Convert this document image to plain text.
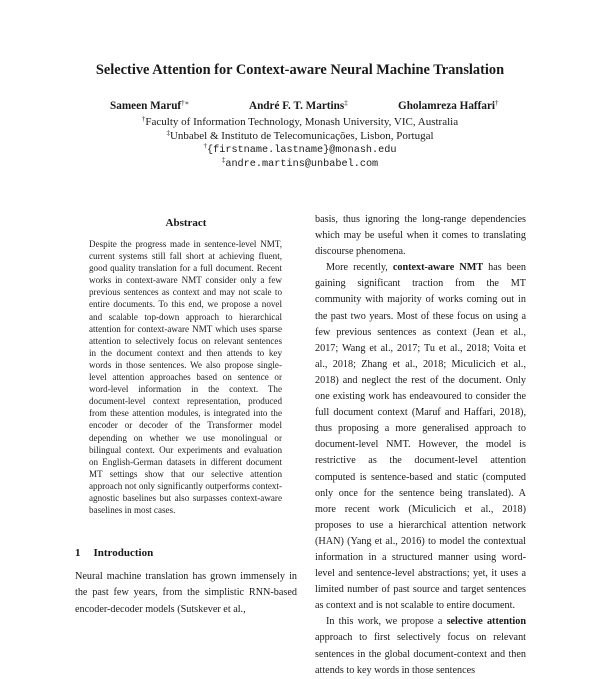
Selective Attention for Context-aware Neural Machine Translation
Sameen Maruf†∗	André F. T. Martins‡	Gholamreza Haffari†
†Faculty of Information Technology, Monash University, VIC, Australia
‡Unbabel & Instituto de Telecomunicações, Lisbon, Portugal
†{firstname.lastname}@monash.edu
‡andre.martins@unbabel.com
Abstract
Despite the progress made in sentence-level NMT, current systems still fall short at achieving fluent, good quality translation for a full document. Recent works in context-aware NMT consider only a few previous sentences as context and may not scale to entire documents. To this end, we propose a novel and scalable top-down approach to hierarchical attention for context-aware NMT which uses sparse attention to selectively focus on relevant sentences in the document context and then attends to key words in those sentences. We also propose single-level attention approaches based on sentence or word-level information in the context. The document-level context representation, produced from these attention modules, is integrated into the encoder or decoder of the Transformer model depending on whether we use monolingual or bilingual context. Our experiments and evaluation on English-German datasets in different document MT settings show that our selective attention approach not only significantly outperforms context-agnostic baselines but also surpasses context-aware baselines in most cases.
1 Introduction
Neural machine translation has grown immensely in the past few years, from the simplistic RNN-based encoder-decoder models (Sutskever et al.,

basis, thus ignoring the long-range dependencies which may be useful when it comes to translating discourse phenomena.

More recently, context-aware NMT has been gaining significant traction from the MT community with majority of works coming out in the past two years. Most of these focus on using a few previous sentences as context (Jean et al., 2017; Wang et al., 2017; Tu et al., 2018; Voita et al., 2018; Zhang et al., 2018; Miculicich et al., 2018) and neglect the rest of the document. Only one existing work has endeavoured to consider the full document context (Maruf and Haffari, 2018), thus proposing a more generalised approach to document-level NMT. However, the model is restrictive as the document-level attention computed is sentence-based and static (computed only once for the sentence being translated). A more recent work (Miculicich et al., 2018) proposes to use a hierarchical attention network (HAN) (Yang et al., 2016) to model the contextual information in a structured manner using word-level and sentence-level abstractions; yet, it uses a limited number of past source and target sentences as context and is not scalable to entire document.

In this work, we propose a selective attention approach to first selectively focus on relevant sentences in the global document-context and then attends to key words in those sentences
